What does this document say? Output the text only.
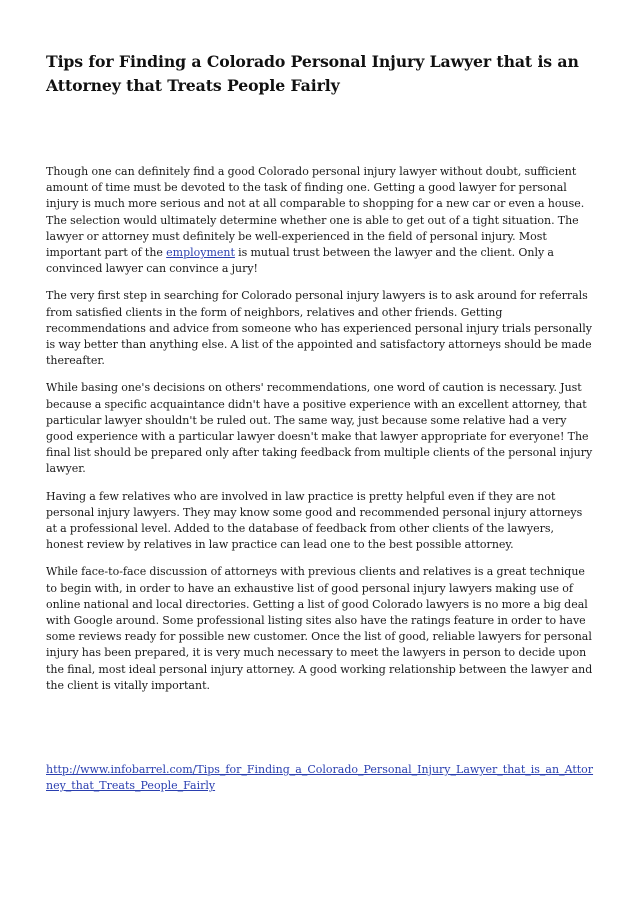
Tips for Finding a Colorado Personal Injury Lawyer that is an Attorney that Treats People Fairly

Though one can definitely find a good Colorado personal injury lawyer without doubt, sufficient amount of time must be devoted to the task of finding one. Getting a good lawyer for personal injury is much more serious and not at all comparable to shopping for a new car or even a house. The selection would ultimately determine whether one is able to get out of a tight situation. The lawyer or attorney must definitely be well-experienced in the field of personal injury. Most important part of the employment is mutual trust between the lawyer and the client. Only a convinced lawyer can convince a jury!

The very first step in searching for Colorado personal injury lawyers is to ask around for referrals from satisfied clients in the form of neighbors, relatives and other friends. Getting recommendations and advice from someone who has experienced personal injury trials personally is way better than anything else. A list of the appointed and satisfactory attorneys should be made thereafter.

While basing one's decisions on others' recommendations, one word of caution is necessary. Just because a specific acquaintance didn't have a positive experience with an excellent attorney, that particular lawyer shouldn't be ruled out. The same way, just because some relative had a very good experience with a particular lawyer doesn't make that lawyer appropriate for everyone! The final list should be prepared only after taking feedback from multiple clients of the personal injury lawyer.

Having a few relatives who are involved in law practice is pretty helpful even if they are not personal injury lawyers. They may know some good and recommended personal injury attorneys at a professional level. Added to the database of feedback from other clients of the lawyers, honest review by relatives in law practice can lead one to the best possible attorney.

While face-to-face discussion of attorneys with previous clients and relatives is a great technique to begin with, in order to have an exhaustive list of good personal injury lawyers making use of online national and local directories. Getting a list of good Colorado lawyers is no more a big deal with Google around. Some professional listing sites also have the ratings feature in order to have some reviews ready for possible new customer. Once the list of good, reliable lawyers for personal injury has been prepared, it is very much necessary to meet the lawyers in person to decide upon the final, most ideal personal injury attorney. A good working relationship between the lawyer and the client is vitally important.

http://www.infobarrel.com/Tips_for_Finding_a_Colorado_Personal_Injury_Lawyer_that_is_an_Attorney_that_Treats_People_Fairly
